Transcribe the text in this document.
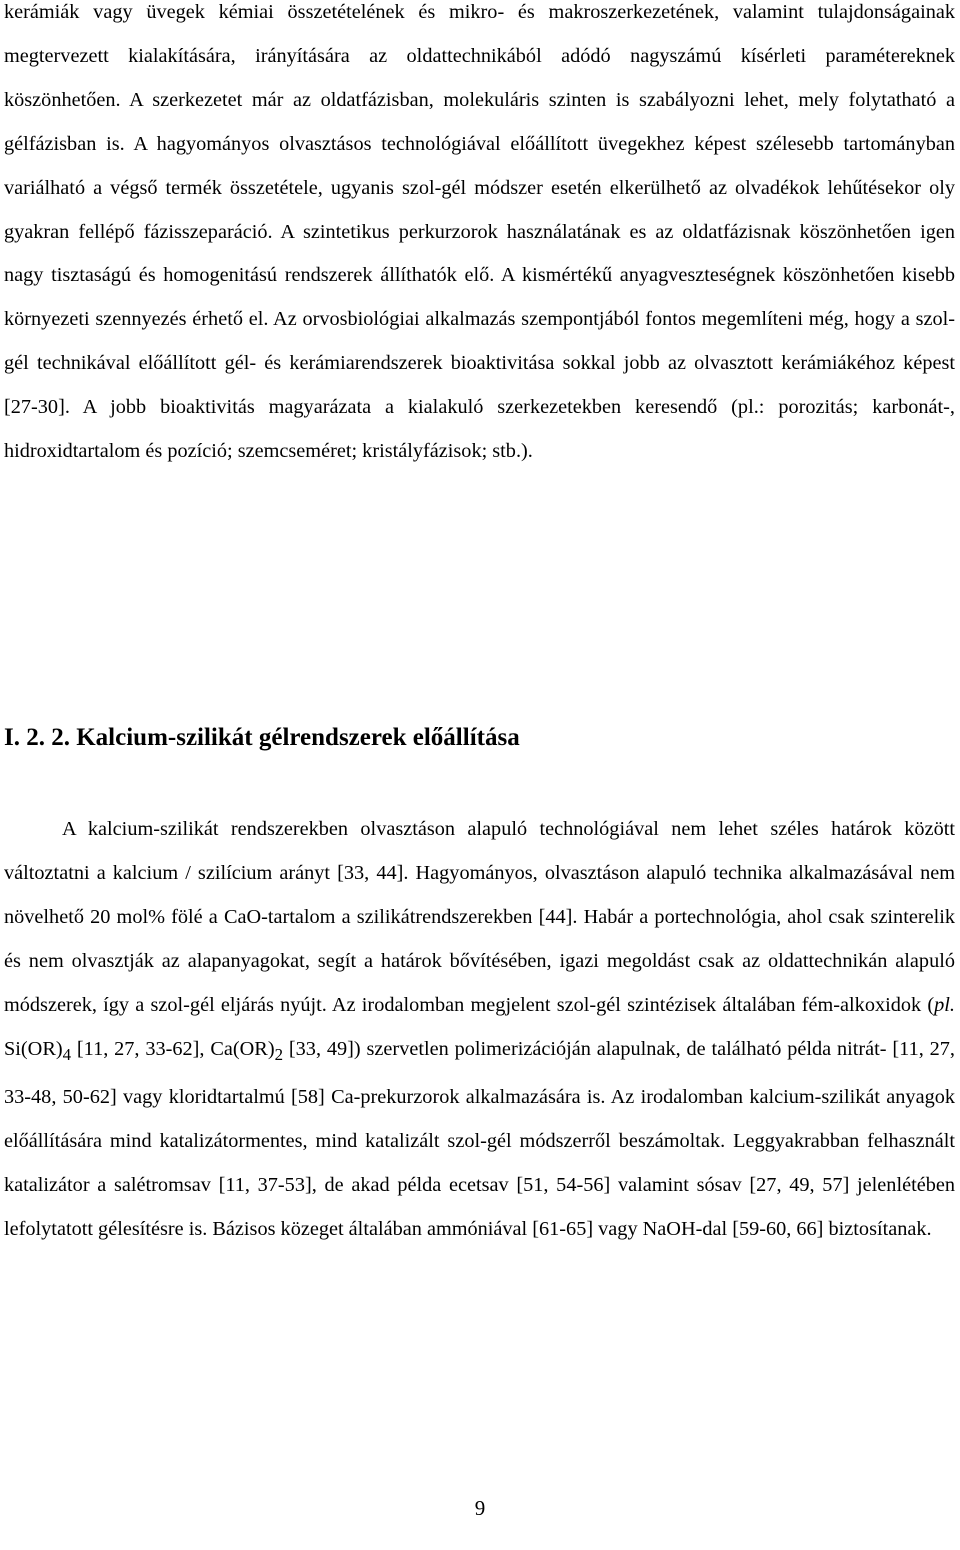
kerámiák vagy üvegek kémiai összetételének és mikro- és makroszerkezetének, valamint tulajdonságainak megtervezett kialakítására, irányítására az oldattechnikából adódó nagyszámú kísérleti paramétereknek köszönhetően. A szerkezetet már az oldatfázisban, molekuláris szinten is szabályozni lehet, mely folytatható a gélfázisban is. A hagyományos olvasztásos technológiával előállított üvegekhez képest szélesebb tartományban variálható a végső termék összetétele, ugyanis szol-gél módszer esetén elkerülhető az olvadékok lehűtésekor oly gyakran fellépő fázisszeparáció. A szintetikus perkurzorok használatának es az oldatfázisnak köszönhetően igen nagy tisztaságú és homogenitású rendszerek állíthatók elő. A kismértékű anyagveszteségnek köszönhetően kisebb környezeti szennyezés érhető el. Az orvosbiológiai alkalmazás szempontjából fontos megemlíteni még, hogy a szol-gél technikával előállított gél- és kerámiarendszerek bioaktivitása sokkal jobb az olvasztott kerámiákéhoz képest [27-30]. A jobb bioaktivitás magyarázata a kialakuló szerkezetekben keresendő (pl.: porozitás; karbonát-, hidroxidtartalom és pozíció; szemcseméret; kristályfázisok; stb.).

I. 2. 2. Kalcium-szilikát gélrendszerek előállítása

A kalcium-szilikát rendszerekben olvasztáson alapuló technológiával nem lehet széles határok között változtatni a kalcium / szilícium arányt [33, 44]. Hagyományos, olvasztáson alapuló technika alkalmazásával nem növelhető 20 mol% fölé a CaO-tartalom a szilikátrendszerekben [44]. Habár a portechnológia, ahol csak szinterelik és nem olvasztják az alapanyagokat, segít a határok bővítésében, igazi megoldást csak az oldattechnikán alapuló módszerek, így a szol-gél eljárás nyújt. Az irodalomban megjelent szol-gél szintézisek általában fém-alkoxidok (pl. $Si(OR)_4$ [11, 27, 33-62], $Ca(OR)_2$ [33, 49]) szervetlen polimerizációján alapulnak, de található példa nitrát- [11, 27, 33-48, 50-62] vagy kloridtartalmú [58] Ca-prekurzorok alkalmazására is. Az irodalomban kalcium-szilikát anyagok előállítására mind katalizátormentes, mind katalizált szol-gél módszerről beszámoltak. Leggyakrabban felhasznált katalizátor a salétromsav [11, 37-53], de akad példa ecetsav [51, 54-56] valamint sósav [27, 49, 57] jelenlétében lefolytatott gélesítésre is. Bázisos közeget általában ammóniával [61-65] vagy NaOH-dal [59-60, 66] biztosítanak.

9
